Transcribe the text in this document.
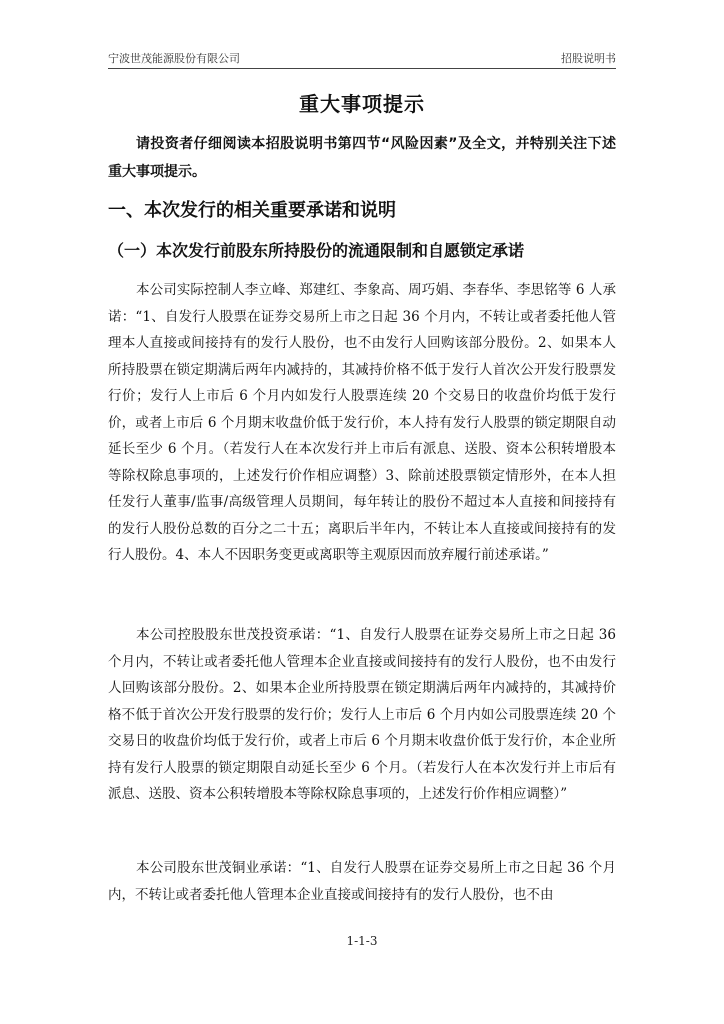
宁波世茂能源股份有限公司	招股说明书
重大事项提示
请投资者仔细阅读本招股说明书第四节“风险因素”及全文，并特别关注下述重大事项提示。
一、本次发行的相关重要承诺和说明
（一）本次发行前股东所持股份的流通限制和自愿锁定承诺
本公司实际控制人李立峰、郑建红、李象高、周巧娟、李春华、李思铭等 6 人承诺：“1、自发行人股票在证券交易所上市之日起 36 个月内，不转让或者委托他人管理本人直接或间接持有的发行人股份，也不由发行人回购该部分股份。2、如果本人所持股票在锁定期满后两年内减持的，其减持价格不低于发行人首次公开发行股票发行价；发行人上市后 6 个月内如发行人股票连续 20 个交易日的收盘价均低于发行价，或者上市后 6 个月期末收盘价低于发行价，本人持有发行人股票的锁定期限自动延长至少 6 个月。（若发行人在本次发行并上市后有派息、送股、资本公积转增股本等除权除息事项的，上述发行价作相应调整）3、除前述股票锁定情形外，在本人担任发行人董事/监事/高级管理人员期间，每年转让的股份不超过本人直接和间接持有的发行人股份总数的百分之二十五；离职后半年内，不转让本人直接或间接持有的发行人股份。4、本人不因职务变更或离职等主观原因而放弃履行前述承诺。”
本公司控股股东世茂投资承诺：“1、自发行人股票在证券交易所上市之日起 36 个月内，不转让或者委托他人管理本企业直接或间接持有的发行人股份，也不由发行人回购该部分股份。2、如果本企业所持股票在锁定期满后两年内减持的，其减持价格不低于首次公开发行股票的发行价；发行人上市后 6 个月内如公司股票连续 20 个交易日的收盘价均低于发行价，或者上市后 6 个月期末收盘价低于发行价，本企业所持有发行人股票的锁定期限自动延长至少 6 个月。（若发行人在本次发行并上市后有派息、送股、资本公积转增股本等除权除息事项的，上述发行价作相应调整）”
本公司股东世茂铜业承诺：“1、自发行人股票在证券交易所上市之日起 36 个月内，不转让或者委托他人管理本企业直接或间接持有的发行人股份，也不由
1-1-3
